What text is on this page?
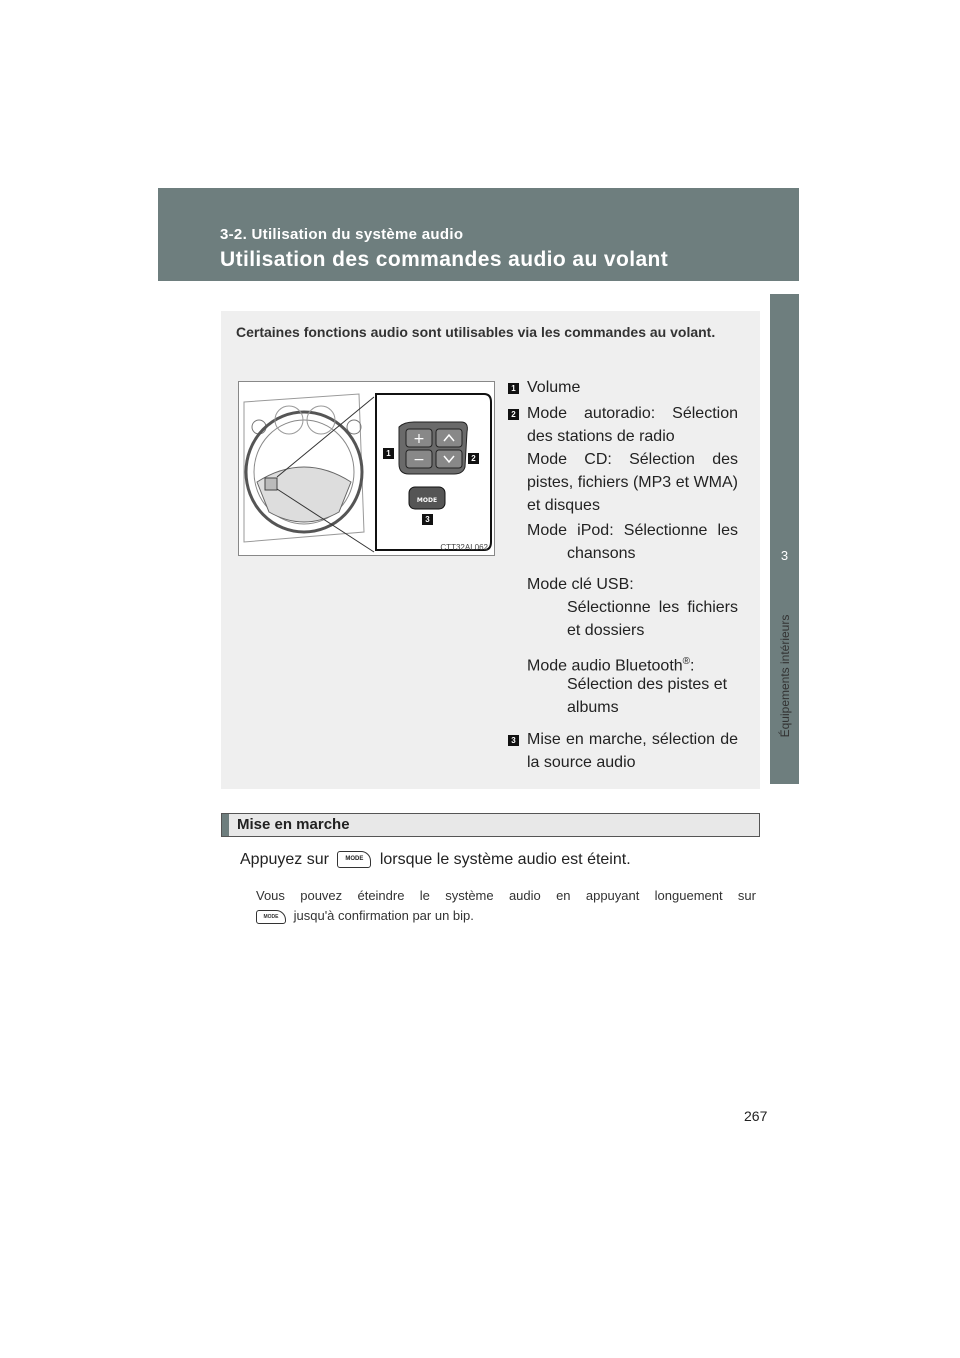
3-2. Utilisation du système audio
Utilisation des commandes audio au volant
3
Équipements intérieurs
Certaines fonctions audio sont utilisables via les commandes au volant.
+
−
MODE
1
2
3
CTT32AL062
1 Volume
2 Mode autoradio: Sélection des stations de radio
Mode CD: Sélection des pistes, fichiers (MP3 et WMA) et disques
Mode iPod: Sélectionne les
chansons
Mode clé USB:
Sélectionne les fichiers et dossiers
Mode audio Bluetooth®:
Sélection des pistes et albums
3 Mise en marche, sélection de la source audio
Mise en marche
Appuyez sur	MODE lorsque le système audio est éteint.
Vous pouvez éteindre le système audio en appuyant longuement sur
MODE jusqu'à confirmation par un bip.
267
